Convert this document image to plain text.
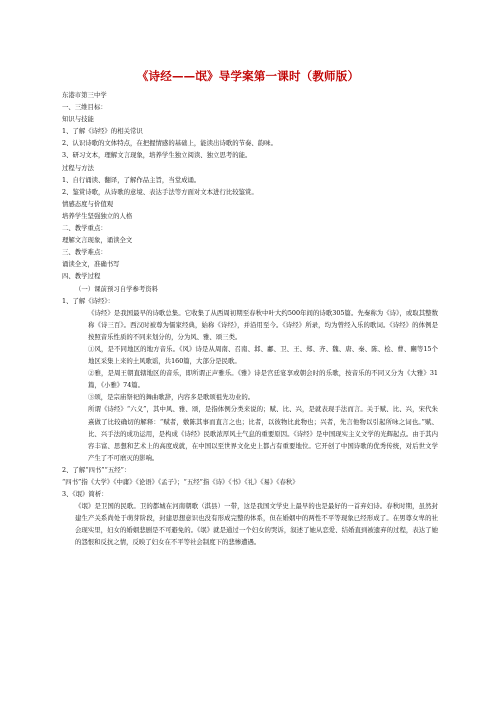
《诗经——氓》导学案第一课时（教师版）

东港市第三中学

一、三维目标：

知识与技能

1、了解《诗经》的相关常识

2、认识诗歌的文体特点，在把握情感的基础上，能读出诗歌的节奏、韵味。

3、研习文本，理解文言现象，培养学生独立阅读、独立思考的能。

过程与方法

1、自行诵读、翻译，了解作品主旨，当堂成诵。

2、鉴赏诗歌，从诗歌的意境、表达手法等方面对文本进行比较鉴赏。

情感态度与价值观

培养学生坚强独立的人格

二、教学重点：

理解文言现象，诵读全文

三、教学难点：

诵读全文，准确书写

四、教学过程

（一）课前预习自学参考资料

1、了解《诗经》：

《诗经》是我国最早的诗歌总集。它收集了从西周初期至春秋中叶大约500年间的诗歌305篇。先秦称为《诗》，或取其整数称《诗三百》。西汉时被尊为儒家经典，始称《诗经》，并沿用至今。《诗经》所录，均为曾经入乐的歌词。《诗经》的体例是按照音乐性质的不同来划分的，分为风、雅、颂三类。

①风，是不同地区的地方音乐。《风》诗是从周南、召南、邶、鄘、卫、王、郑、齐、魏、唐、秦、陈、桧、曹、豳等15个地区采集上来的土风歌谣，共160篇，大部分是民歌。

②雅，是周王朝直辖地区的音乐，即所谓正声雅乐。《雅》诗是宫廷宴享或朝会时的乐歌，按音乐的不同又分为《大雅》31篇，《小雅》74篇。

③颂，是宗庙祭祀的舞曲歌辞，内容多是歌颂祖先功业的。

所谓《诗经》“六义”，其中风、雅、颂，是指体例分类来说的；赋、比、兴，是就表现手法而言。关于赋、比、兴，宋代朱熹做了比较确切的解释：“赋者，敷陈其事而直言之也；比者，以彼物比此物也；兴者，先言他物以引起所咏之词也。”赋、比、兴手法的成功运用，是构成《诗经》民歌浓厚风土气息的重要原因。《诗经》是中国现实主义文学的光辉起点。由于其内容丰富、思想和艺术上的高度成就，在中国以至世界文化史上都占有重要地位。它开创了中国诗歌的优秀传统，对后世文学产生了不可磨灭的影响。

2、了解“四书”“五经”：

“四书”指《大学》《中庸》《论语》《孟子》；“五经”指《诗》《书》《礼》《易》《春秋》

3、《氓》简析：

《氓》是卫国的民歌。卫的都城在河南朝歌（淇县）一带，这是我国文学史上最早的也是最好的一首弃妇诗。春秋时期，虽然封建生产关系尚处于萌芽阶段，封建思想意识也没有形成完整的体系，但在婚姻中的两性不平等现象已经形成了。在男尊女卑的社会现实里，妇女的婚姻悲剧是不可避免的。《氓》就是通过一个妇女的哭诉，叙述了她从恋爱、结婚直到被遗弃的过程，表达了她的怨恨和反抗之情，反映了妇女在不平等社会制度下的悲惨遭遇。
